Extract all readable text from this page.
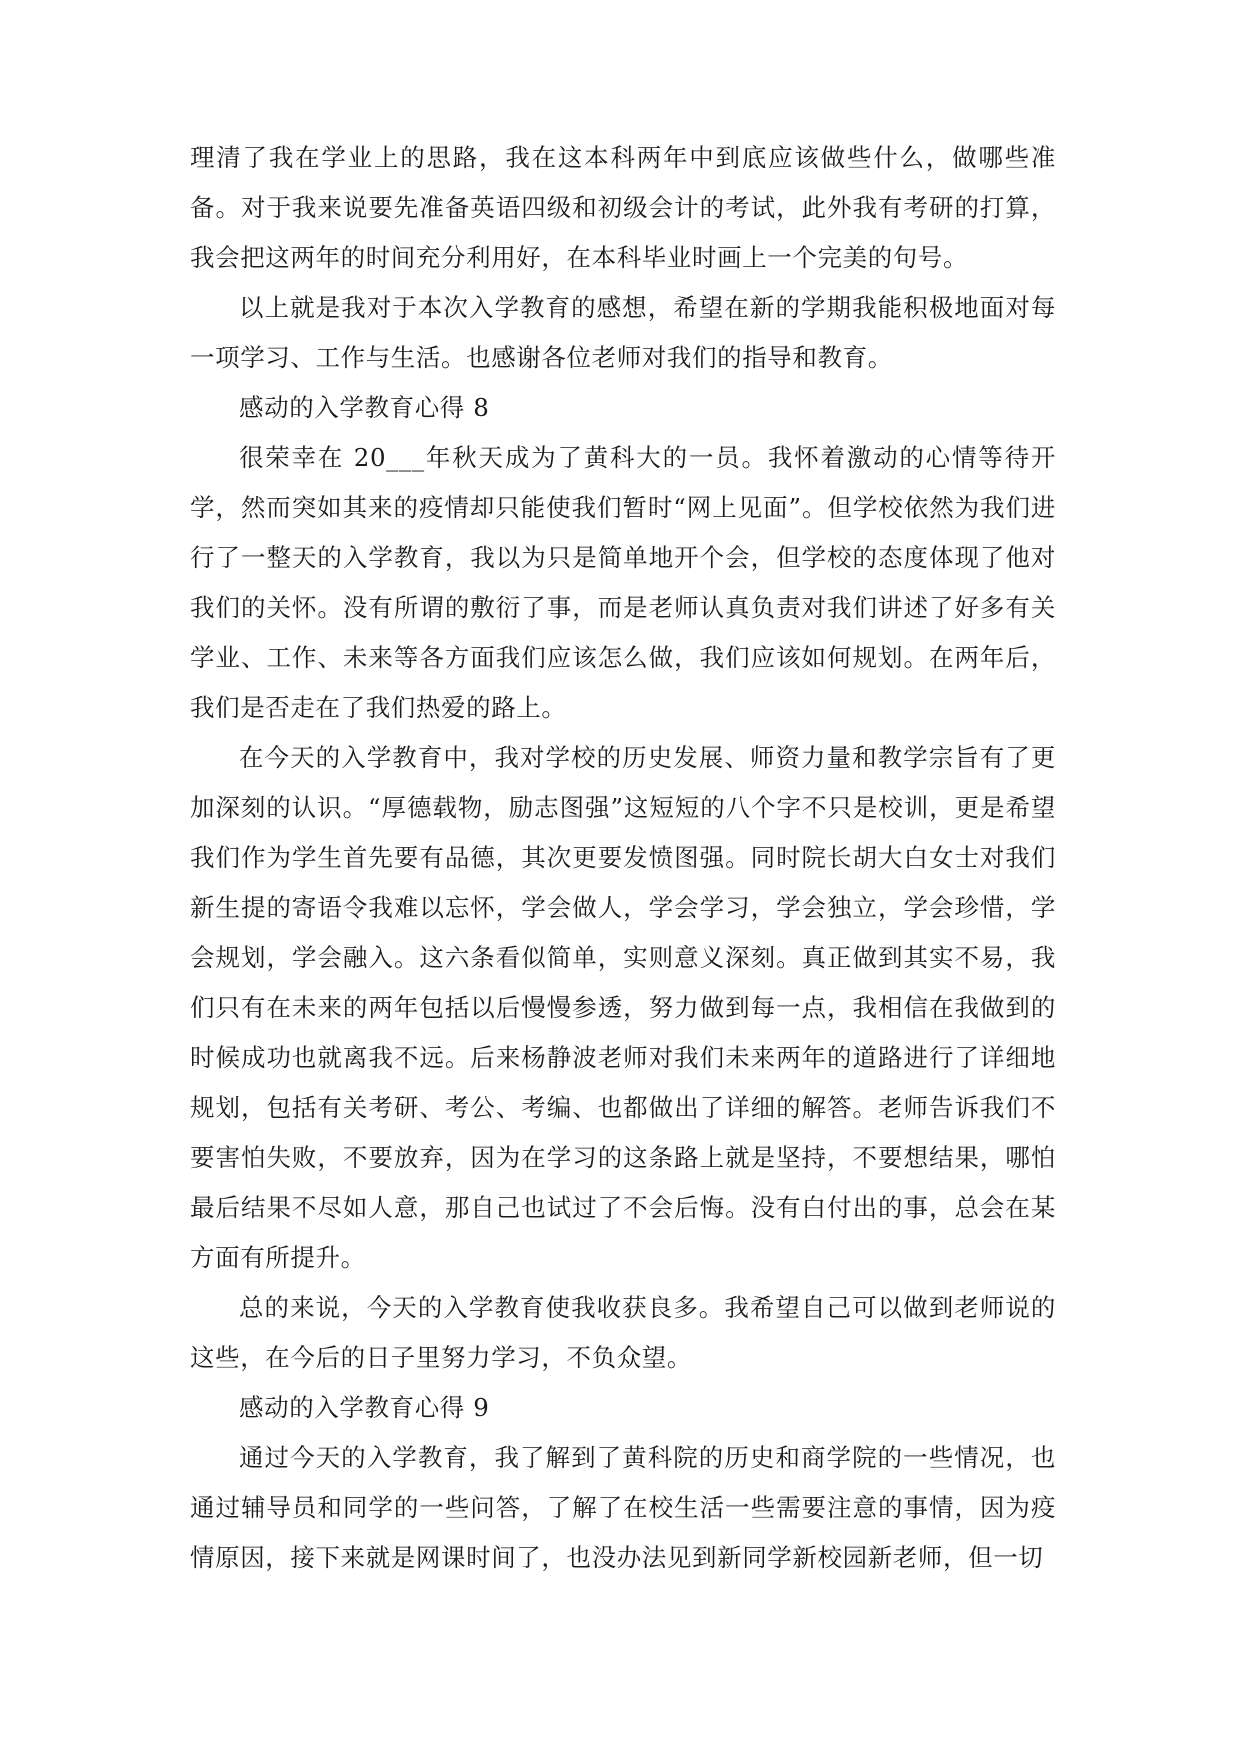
理清了我在学业上的思路，我在这本科两年中到底应该做些什么，做哪些准备。对于我来说要先准备英语四级和初级会计的考试，此外我有考研的打算，我会把这两年的时间充分利用好，在本科毕业时画上一个完美的句号。

以上就是我对于本次入学教育的感想，希望在新的学期我能积极地面对每一项学习、工作与生活。也感谢各位老师对我们的指导和教育。

感动的入学教育心得 8

很荣幸在 20___年秋天成为了黄科大的一员。我怀着激动的心情等待开学，然而突如其来的疫情却只能使我们暂时“网上见面”。但学校依然为我们进行了一整天的入学教育，我以为只是简单地开个会，但学校的态度体现了他对我们的关怀。没有所谓的敷衍了事，而是老师认真负责对我们讲述了好多有关学业、工作、未来等各方面我们应该怎么做，我们应该如何规划。在两年后，我们是否走在了我们热爱的路上。

在今天的入学教育中，我对学校的历史发展、师资力量和教学宗旨有了更加深刻的认识。“厚德载物，励志图强”这短短的八个字不只是校训，更是希望我们作为学生首先要有品德，其次更要发愤图强。同时院长胡大白女士对我们新生提的寄语令我难以忘怀，学会做人，学会学习，学会独立，学会珍惜，学会规划，学会融入。这六条看似简单，实则意义深刻。真正做到其实不易，我们只有在未来的两年包括以后慢慢参透，努力做到每一点，我相信在我做到的时候成功也就离我不远。后来杨静波老师对我们未来两年的道路进行了详细地规划，包括有关考研、考公、考编、也都做出了详细的解答。老师告诉我们不要害怕失败，不要放弃，因为在学习的这条路上就是坚持，不要想结果，哪怕最后结果不尽如人意，那自己也试过了不会后悔。没有白付出的事，总会在某方面有所提升。

总的来说，今天的入学教育使我收获良多。我希望自己可以做到老师说的这些，在今后的日子里努力学习，不负众望。

感动的入学教育心得 9

通过今天的入学教育，我了解到了黄科院的历史和商学院的一些情况，也通过辅导员和同学的一些问答，了解了在校生活一些需要注意的事情，因为疫情原因，接下来就是网课时间了，也没办法见到新同学新校园新老师，但一切
